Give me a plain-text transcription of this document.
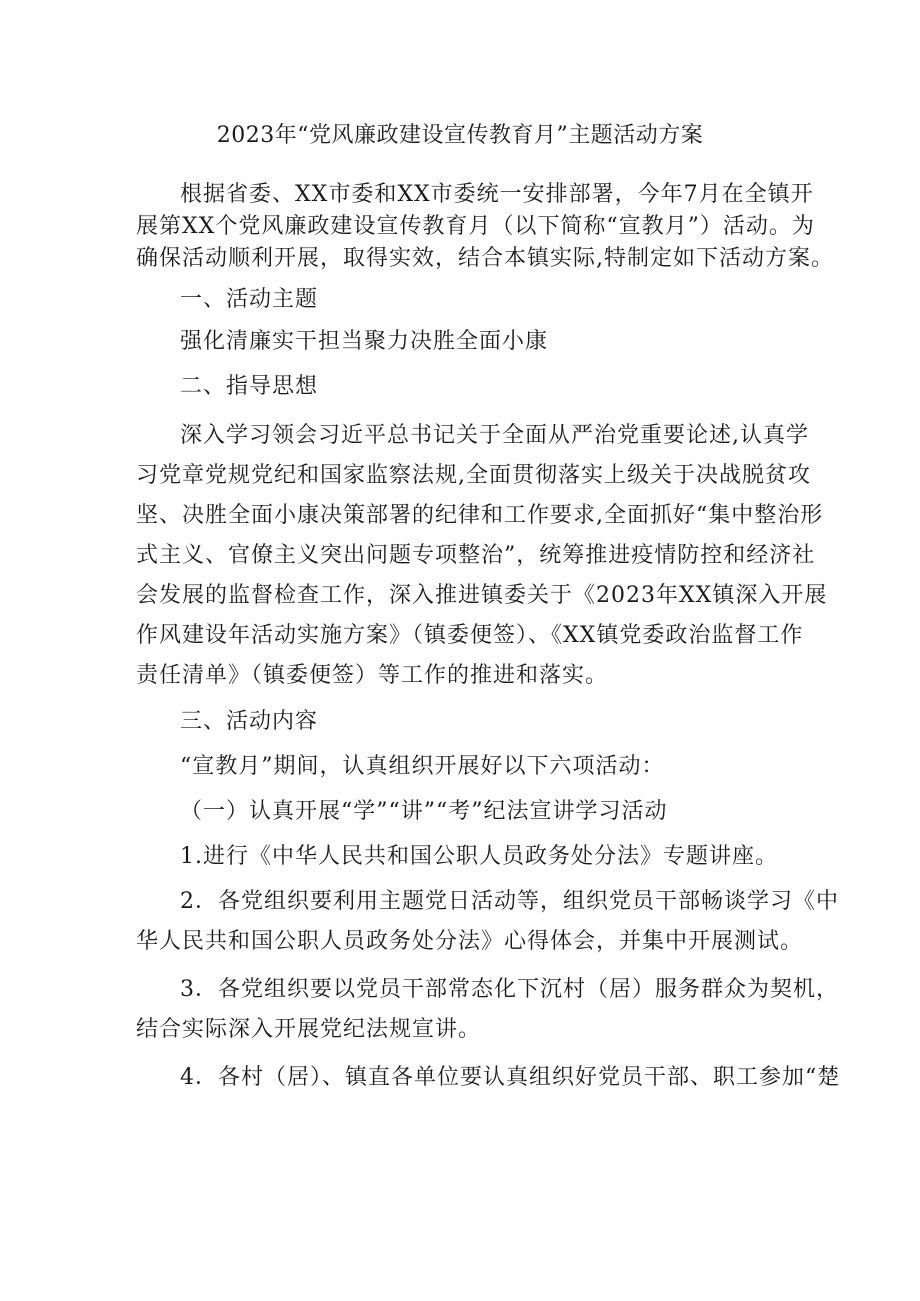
2023年“党风廉政建设宣传教育月”主题活动方案
根据省委、XX市委和XX市委统一安排部署，今年7月在全镇开
展第XX个党风廉政建设宣传教育月（以下简称“宣教月”）活动。为
确保活动顺利开展，取得实效，结合本镇实际,特制定如下活动方案。
一、活动主题
强化清廉实干担当聚力决胜全面小康
二、指导思想
深入学习领会习近平总书记关于全面从严治党重要论述,认真学
习党章党规党纪和国家监察法规,全面贯彻落实上级关于决战脱贫攻
坚、决胜全面小康决策部署的纪律和工作要求,全面抓好“集中整治形
式主义、官僚主义突出问题专项整治”，统筹推进疫情防控和经济社
会发展的监督检查工作，深入推进镇委关于《2023年XX镇深入开展
作风建设年活动实施方案》（镇委便签）、《XX镇党委政治监督工作
责任清单》（镇委便签）等工作的推进和落实。
三、活动内容
“宣教月”期间，认真组织开展好以下六项活动：
（一）认真开展“学”“讲”“考”纪法宣讲学习活动
1.进行《中华人民共和国公职人员政务处分法》专题讲座。
2．各党组织要利用主题党日活动等，组织党员干部畅谈学习《中
华人民共和国公职人员政务处分法》心得体会，并集中开展测试。
3．各党组织要以党员干部常态化下沉村（居）服务群众为契机，
结合实际深入开展党纪法规宣讲。
4．各村（居）、镇直各单位要认真组织好党员干部、职工参加“楚
